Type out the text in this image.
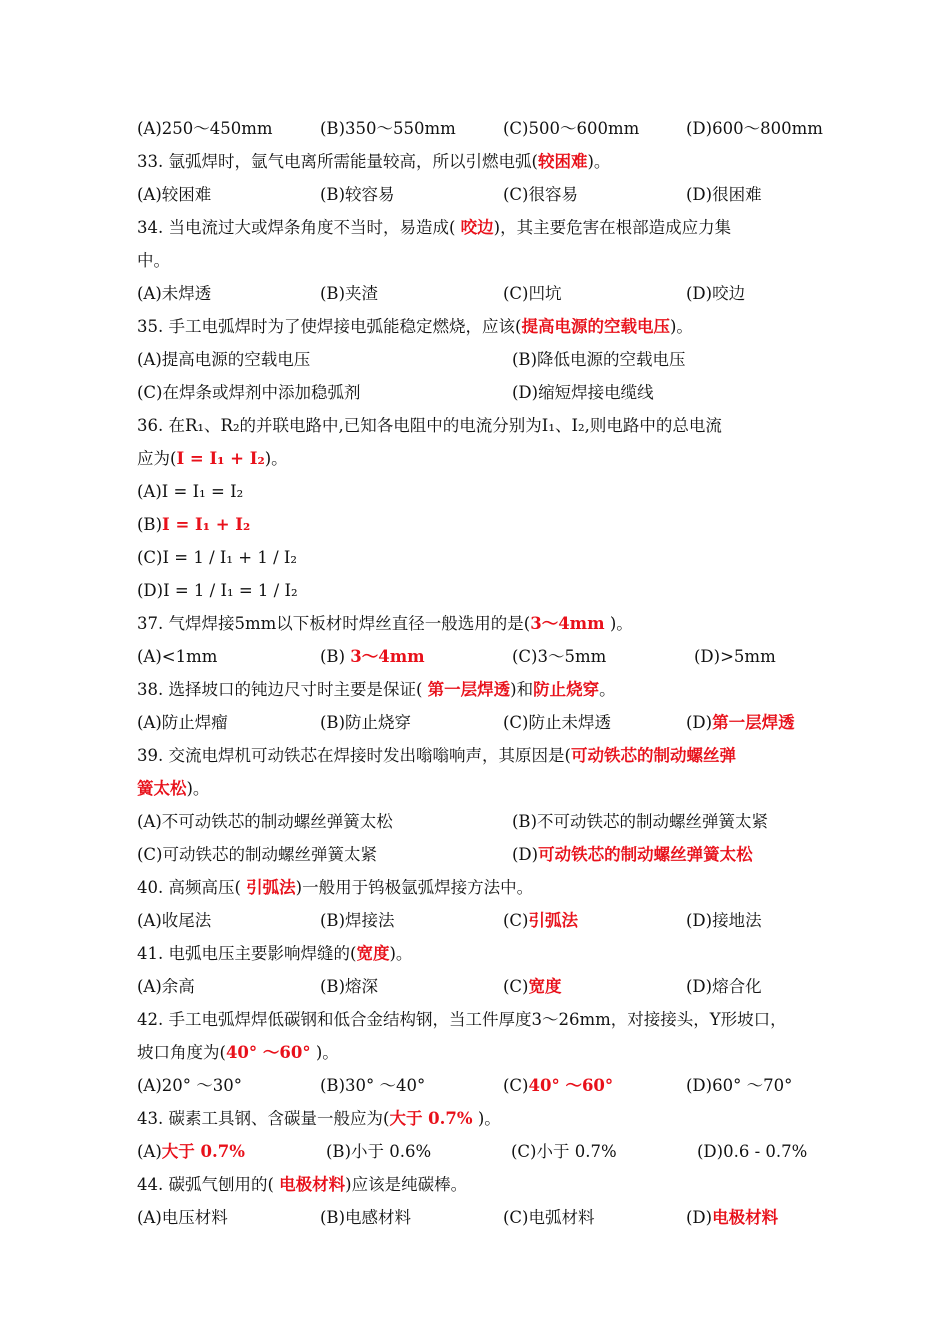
(A)250～450mm	(B)350～550mm	(C)500～600mm	(D)600～800mm
33. 氩弧焊时，氩气电离所需能量较高，所以引燃电弧(较困难)。
(A)较困难	(B)较容易	(C)很容易	(D)很困难
34. 当电流过大或焊条角度不当时，易造成( 咬边)，其主要危害在根部造成应力集
中。
(A)未焊透	(B)夹渣	(C)凹坑	(D)咬边
35. 手工电弧焊时为了使焊接电弧能稳定燃烧，应该(提高电源的空载电压)。
(A)提高电源的空载电压	(B)降低电源的空载电压
(C)在焊条或焊剂中添加稳弧剂	(D)缩短焊接电缆线
36. 在R₁、R₂的并联电路中,已知各电阻中的电流分别为I₁、I₂,则电路中的总电流
应为(I = I₁ + I₂)。
(A)I = I₁ = I₂
(B)I = I₁ + I₂
(C)I = 1 / I₁ + 1 / I₂
(D)I = 1 / I₁ = 1 / I₂
37. 气焊焊接5mm以下板材时焊丝直径一般选用的是(3～4mm )。
(A)<1mm	(B) 3～4mm	(C)3～5mm	(D)>5mm
38. 选择坡口的钝边尺寸时主要是保证( 第一层焊透)和防止烧穿。
(A)防止焊瘤	(B)防止烧穿	(C)防止未焊透	(D)第一层焊透
39. 交流电焊机可动铁芯在焊接时发出嗡嗡响声，其原因是(可动铁芯的制动螺丝弹
簧太松)。
(A)不可动铁芯的制动螺丝弹簧太松	(B)不可动铁芯的制动螺丝弹簧太紧
(C)可动铁芯的制动螺丝弹簧太紧	(D)可动铁芯的制动螺丝弹簧太松
40. 高频高压( 引弧法)一般用于钨极氩弧焊接方法中。
(A)收尾法	(B)焊接法	(C)引弧法	(D)接地法
41. 电弧电压主要影响焊缝的(宽度)。
(A)余高	(B)熔深	(C)宽度	(D)熔合化
42. 手工电弧焊焊低碳钢和低合金结构钢，当工件厚度3～26mm，对接接头，Y形坡口，
坡口角度为(40° ～60° )。
(A)20° ～30°	(B)30° ～40°	(C)40° ～60°	(D)60° ～70°
43. 碳素工具钢、含碳量一般应为(大于 0.7% )。
(A)大于 0.7%	(B)小于 0.6%	(C)小于 0.7%	(D)0.6 - 0.7%
44. 碳弧气刨用的( 电极材料)应该是纯碳棒。
(A)电压材料	(B)电感材料	(C)电弧材料	(D)电极材料
